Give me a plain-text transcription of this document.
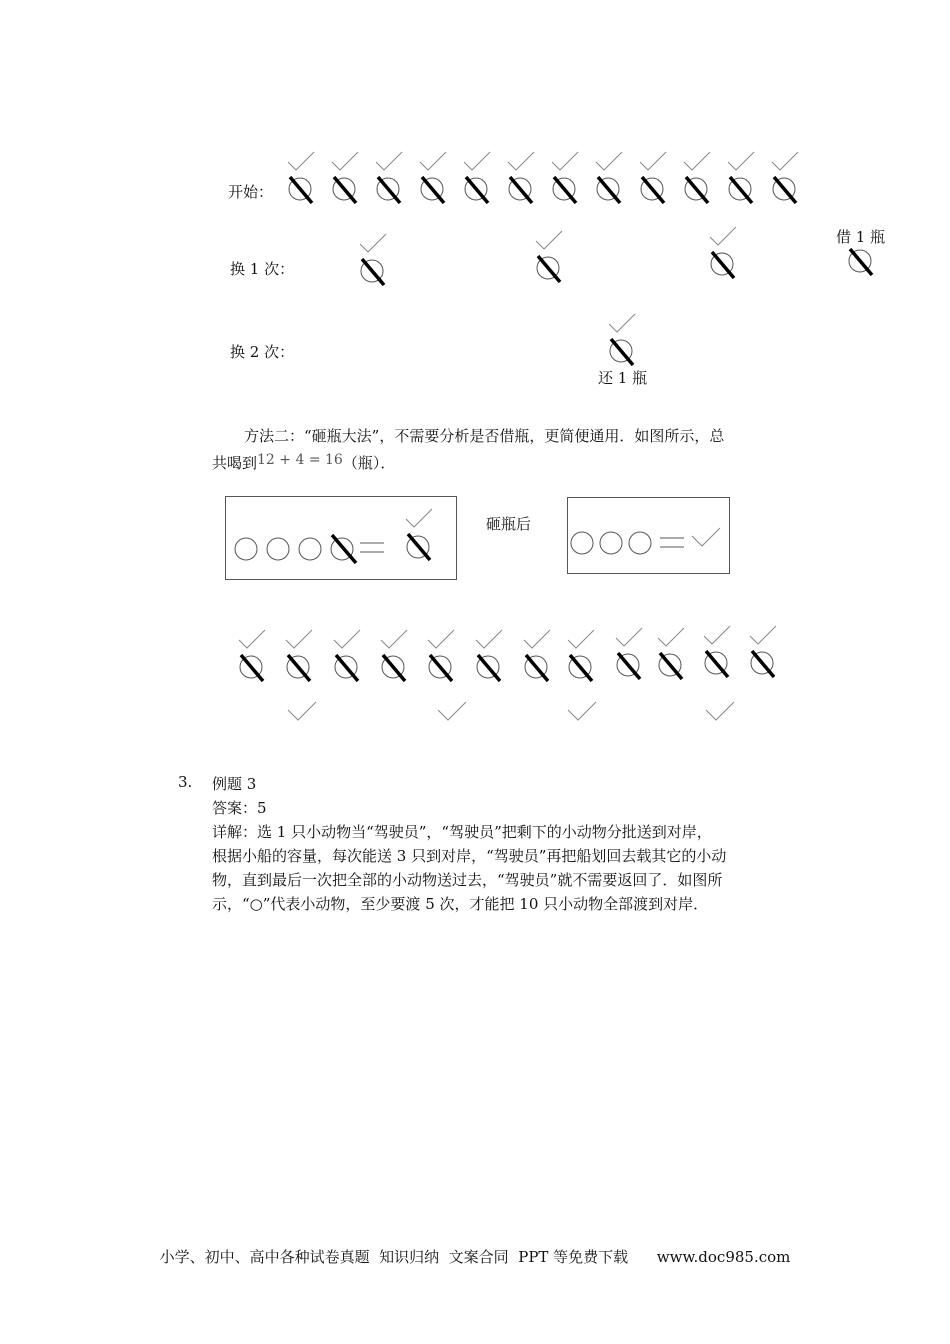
开始：
换 1 次：
换 2 次：
借 1 瓶
还 1 瓶
方法二：“砸瓶大法”，不需要分析是否借瓶，更简便通用．如图所示，总
共喝到12 + 4 = 16（瓶）．
砸瓶后
3. 例题 3
答案：5
详解：选 1 只小动物当“驾驶员”，“驾驶员”把剩下的小动物分批送到对岸，
根据小船的容量，每次能送 3 只到对岸，“驾驶员”再把船划回去载其它的小动
物，直到最后一次把全部的小动物送过去，“驾驶员”就不需要返回了．如图所
示，“○”代表小动物，至少要渡 5 次，才能把 10 只小动物全部渡到对岸．
小学、初中、高中各种试卷真题  知识归纳  文案合同  PPT 等免费下载      www.doc985.com
